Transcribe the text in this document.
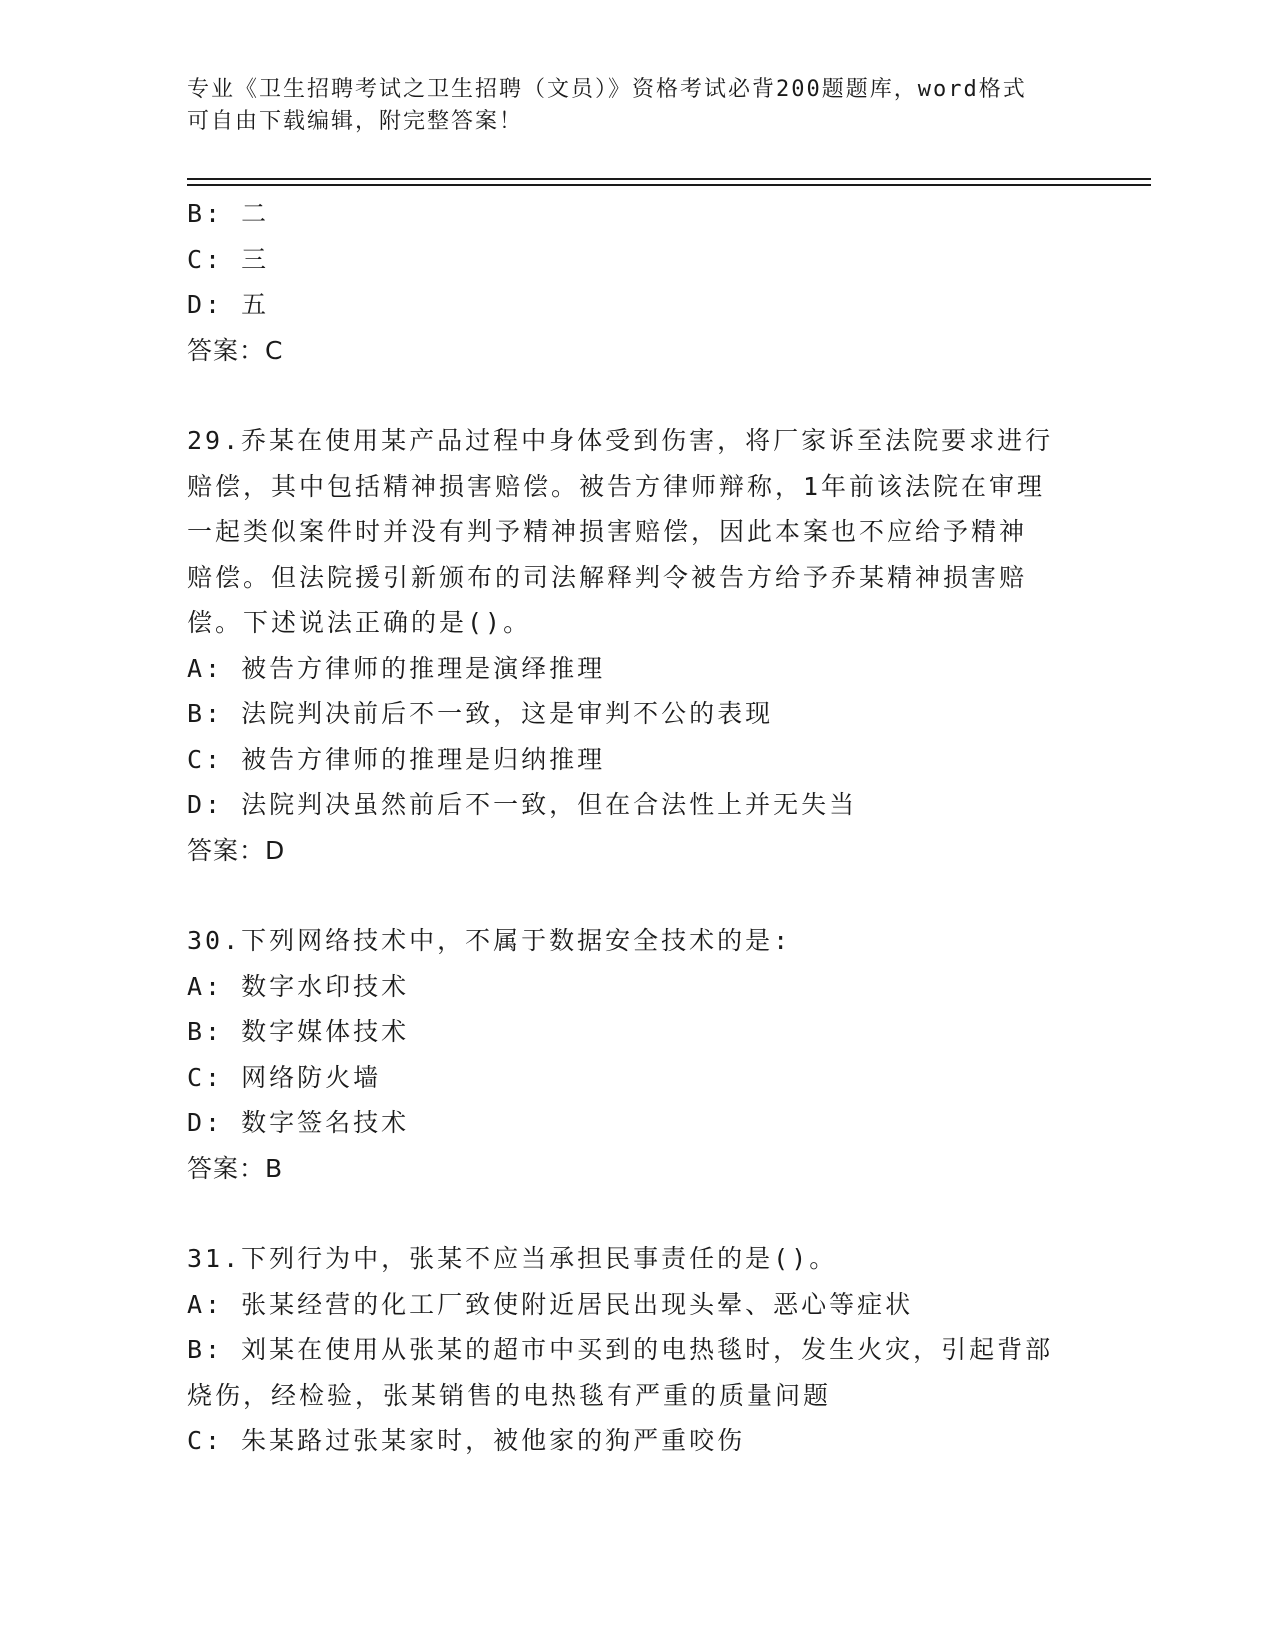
专业《卫生招聘考试之卫生招聘（文员）》资格考试必背200题题库，word格式
可自由下载编辑，附完整答案！
B: 二
C: 三
D: 五
答案：C
29.乔某在使用某产品过程中身体受到伤害，将厂家诉至法院要求进行
赔偿，其中包括精神损害赔偿。被告方律师辩称，1年前该法院在审理
一起类似案件时并没有判予精神损害赔偿，因此本案也不应给予精神
赔偿。但法院援引新颁布的司法解释判令被告方给予乔某精神损害赔
偿。下述说法正确的是()。
A: 被告方律师的推理是演绎推理
B: 法院判决前后不一致，这是审判不公的表现
C: 被告方律师的推理是归纳推理
D: 法院判决虽然前后不一致，但在合法性上并无失当
答案：D
30.下列网络技术中，不属于数据安全技术的是:
A: 数字水印技术
B: 数字媒体技术
C: 网络防火墙
D: 数字签名技术
答案：B
31.下列行为中，张某不应当承担民事责任的是()。
A: 张某经营的化工厂致使附近居民出现头晕、恶心等症状
B: 刘某在使用从张某的超市中买到的电热毯时，发生火灾，引起背部
烧伤，经检验，张某销售的电热毯有严重的质量问题
C: 朱某路过张某家时，被他家的狗严重咬伤
